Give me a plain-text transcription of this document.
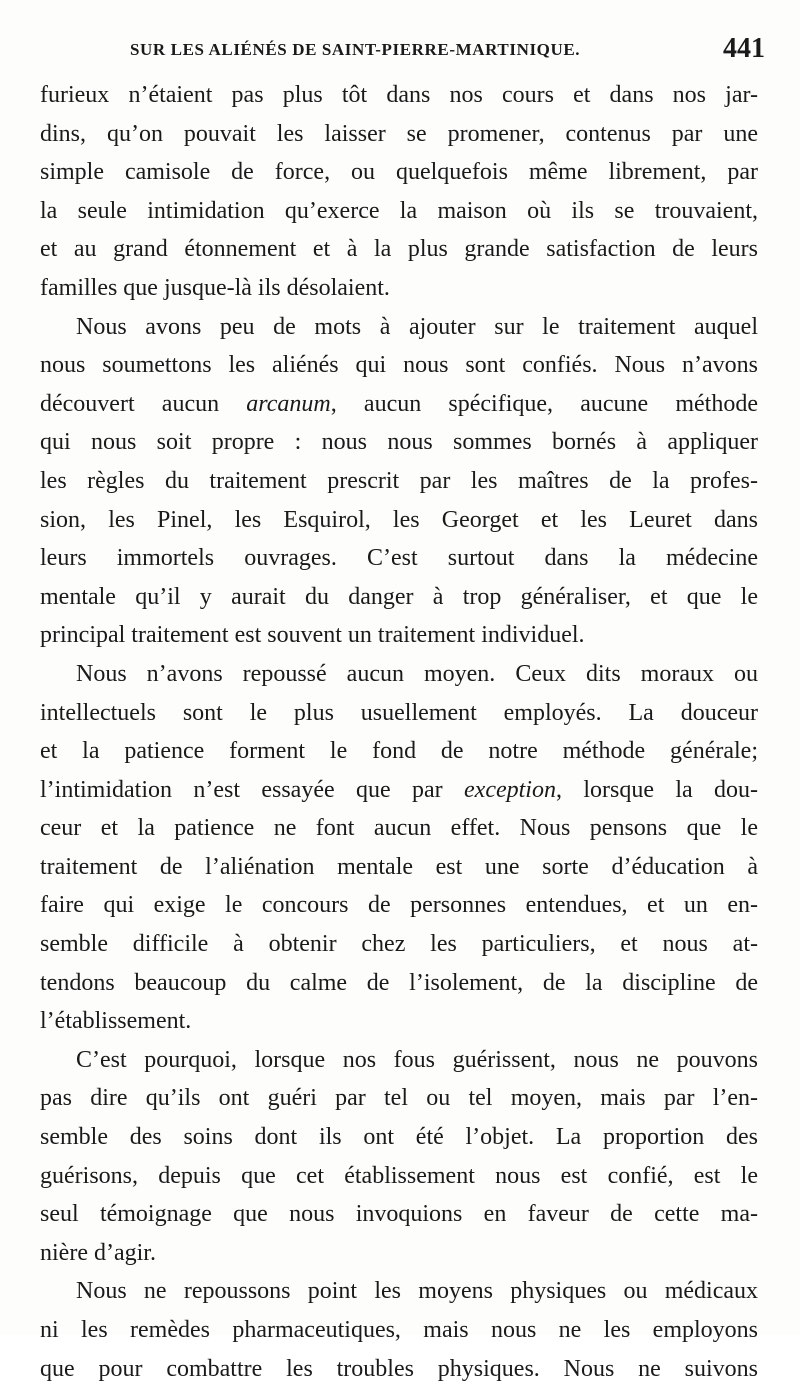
SUR LES ALIÉNÉS DE SAINT-PIERRE-MARTINIQUE.	441
furieux n’étaient pas plus tôt dans nos cours et dans nos jar-
dins, qu’on pouvait les laisser se promener, contenus par une
simple camisole de force, ou quelquefois même librement, par
la seule intimidation qu’exerce la maison où ils se trouvaient,
et au grand étonnement et à la plus grande satisfaction de leurs
familles que jusque-là ils désolaient.
Nous avons peu de mots à ajouter sur le traitement auquel
nous soumettons les aliénés qui nous sont confiés. Nous n’avons
découvert aucun arcanum, aucun spécifique, aucune méthode
qui nous soit propre : nous nous sommes bornés à appliquer
les règles du traitement prescrit par les maîtres de la profes-
sion, les Pinel, les Esquirol, les Georget et les Leuret dans
leurs immortels ouvrages. C’est surtout dans la médecine
mentale qu’il y aurait du danger à trop généraliser, et que le
principal traitement est souvent un traitement individuel.
Nous n’avons repoussé aucun moyen. Ceux dits moraux ou
intellectuels sont le plus usuellement employés. La douceur
et la patience forment le fond de notre méthode générale;
l’intimidation n’est essayée que par exception, lorsque la dou-
ceur et la patience ne font aucun effet. Nous pensons que le
traitement de l’aliénation mentale est une sorte d’éducation à
faire qui exige le concours de personnes entendues, et un en-
semble difficile à obtenir chez les particuliers, et nous at-
tendons beaucoup du calme de l’isolement, de la discipline de
l’établissement.
C’est pourquoi, lorsque nos fous guérissent, nous ne pouvons
pas dire qu’ils ont guéri par tel ou tel moyen, mais par l’en-
semble des soins dont ils ont été l’objet. La proportion des
guérisons, depuis que cet établissement nous est confié, est le
seul témoignage que nous invoquions en faveur de cette ma-
nière d’agir.
Nous ne repoussons point les moyens physiques ou médicaux
ni les remèdes pharmaceutiques, mais nous ne les employons
que pour combattre les troubles physiques. Nous ne suivons
